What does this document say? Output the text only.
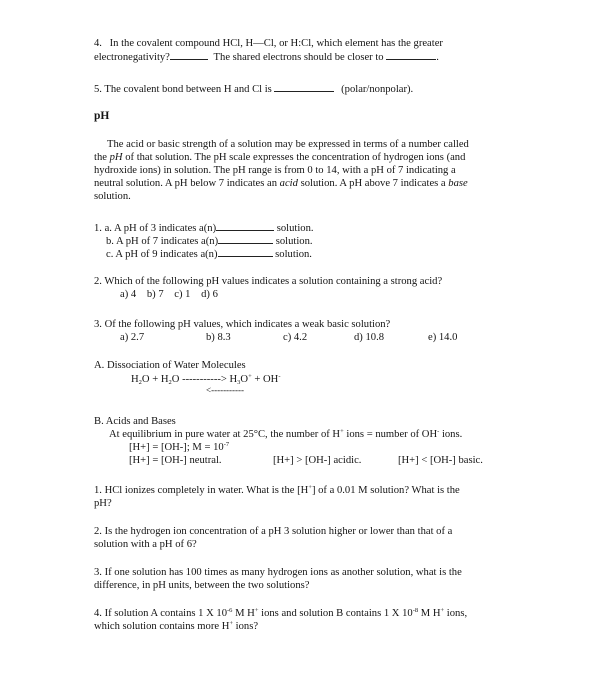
4. In the covalent compound HCl, H—Cl, or H:Cl, which element has the greater
electronegativity?	The shared electrons should be closer to	.
5. The covalent bond between H and Cl is	(polar/nonpolar).
pH
The acid or basic strength of a solution may be expressed in terms of a number called
the pH of that solution. The pH scale expresses the concentration of hydrogen ions (and
hydroxide ions) in solution. The pH range is from 0 to 14, with a pH of 7 indicating a
neutral solution. A pH below 7 indicates an acid solution. A pH above 7 indicates a base
solution.
1. a. A pH of 3 indicates a(n)	solution.
b. A pH of 7 indicates a(n)	solution.
c. A pH of 9 indicates a(n)	solution.
2. Which of the following pH values indicates a solution containing a strong acid?
a) 4 b) 7 c) 1 d) 6
3. Of the following pH values, which indicates a weak basic solution?
a) 2.7	b) 8.3	c) 4.2	d) 10.8	e) 14.0
A. Dissociation of Water Molecules
$H_2O + H_2O$ -----------> $H_3O^+ + OH^-$
<-----------
B. Acids and Bases
At equilibrium in pure water at 25°C, the number of H+ ions = number of OH- ions.
[H+] = [OH-]; $M = 10^{-7}$
[H+] = [OH-] neutral.	[H+] > [OH-] acidic.	[H+] < [OH-] basic.
1. HCl ionizes completely in water. What is the [H+] of a 0.01 M solution? What is the
pH?
2. Is the hydrogen ion concentration of a pH 3 solution higher or lower than that of a
solution with a pH of 6?
3. If one solution has 100 times as many hydrogen ions as another solution, what is the
difference, in pH units, between the two solutions?
4. If solution A contains 1 X $10^{-6}$ M H+ ions and solution B contains 1 X $10^{-8}$ M H+ ions,
which solution contains more H+ ions?
